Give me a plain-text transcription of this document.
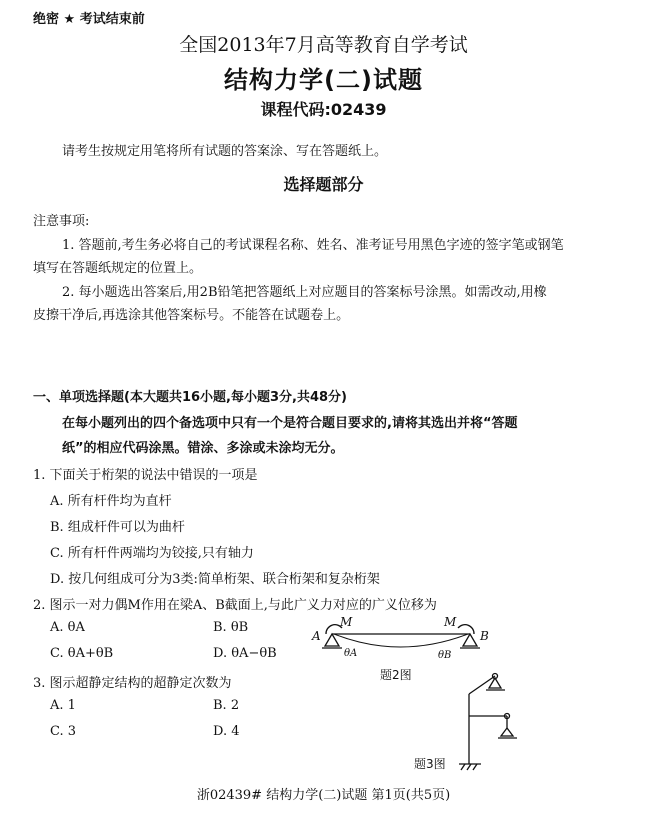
绝密 ★ 考试结束前
全国2013年7月高等教育自学考试
结构力学(二)试题
课程代码:02439
请考生按规定用笔将所有试题的答案涂、写在答题纸上。
选择题部分
注意事项:
1. 答题前,考生务必将自己的考试课程名称、姓名、准考证号用黑色字迹的签字笔或钢笔
填写在答题纸规定的位置上。
2. 每小题选出答案后,用2B铅笔把答题纸上对应题目的答案标号涂黑。如需改动,用橡
皮擦干净后,再选涂其他答案标号。不能答在试题卷上。
一、单项选择题(本大题共16小题,每小题3分,共48分)
在每小题列出的四个备选项中只有一个是符合题目要求的,请将其选出并将“答题
纸”的相应代码涂黑。错涂、多涂或未涂均无分。
1. 下面关于桁架的说法中错误的一项是
A. 所有杆件均为直杆
B. 组成杆件可以为曲杆
C. 所有杆件两端均为铰接,只有轴力
D. 按几何组成可分为3类:简单桁架、联合桁架和复杂桁架
2. 图示一对力偶M作用在梁A、B截面上,与此广义力对应的广义位移为
A. θA	B. θB
C. θA+θB	D. θA−θB
A	B
M	M
θA	θB
题2图
3. 图示超静定结构的超静定次数为
A. 1	B. 2
C. 3	D. 4
题3图
浙02439# 结构力学(二)试题 第1页(共5页)
